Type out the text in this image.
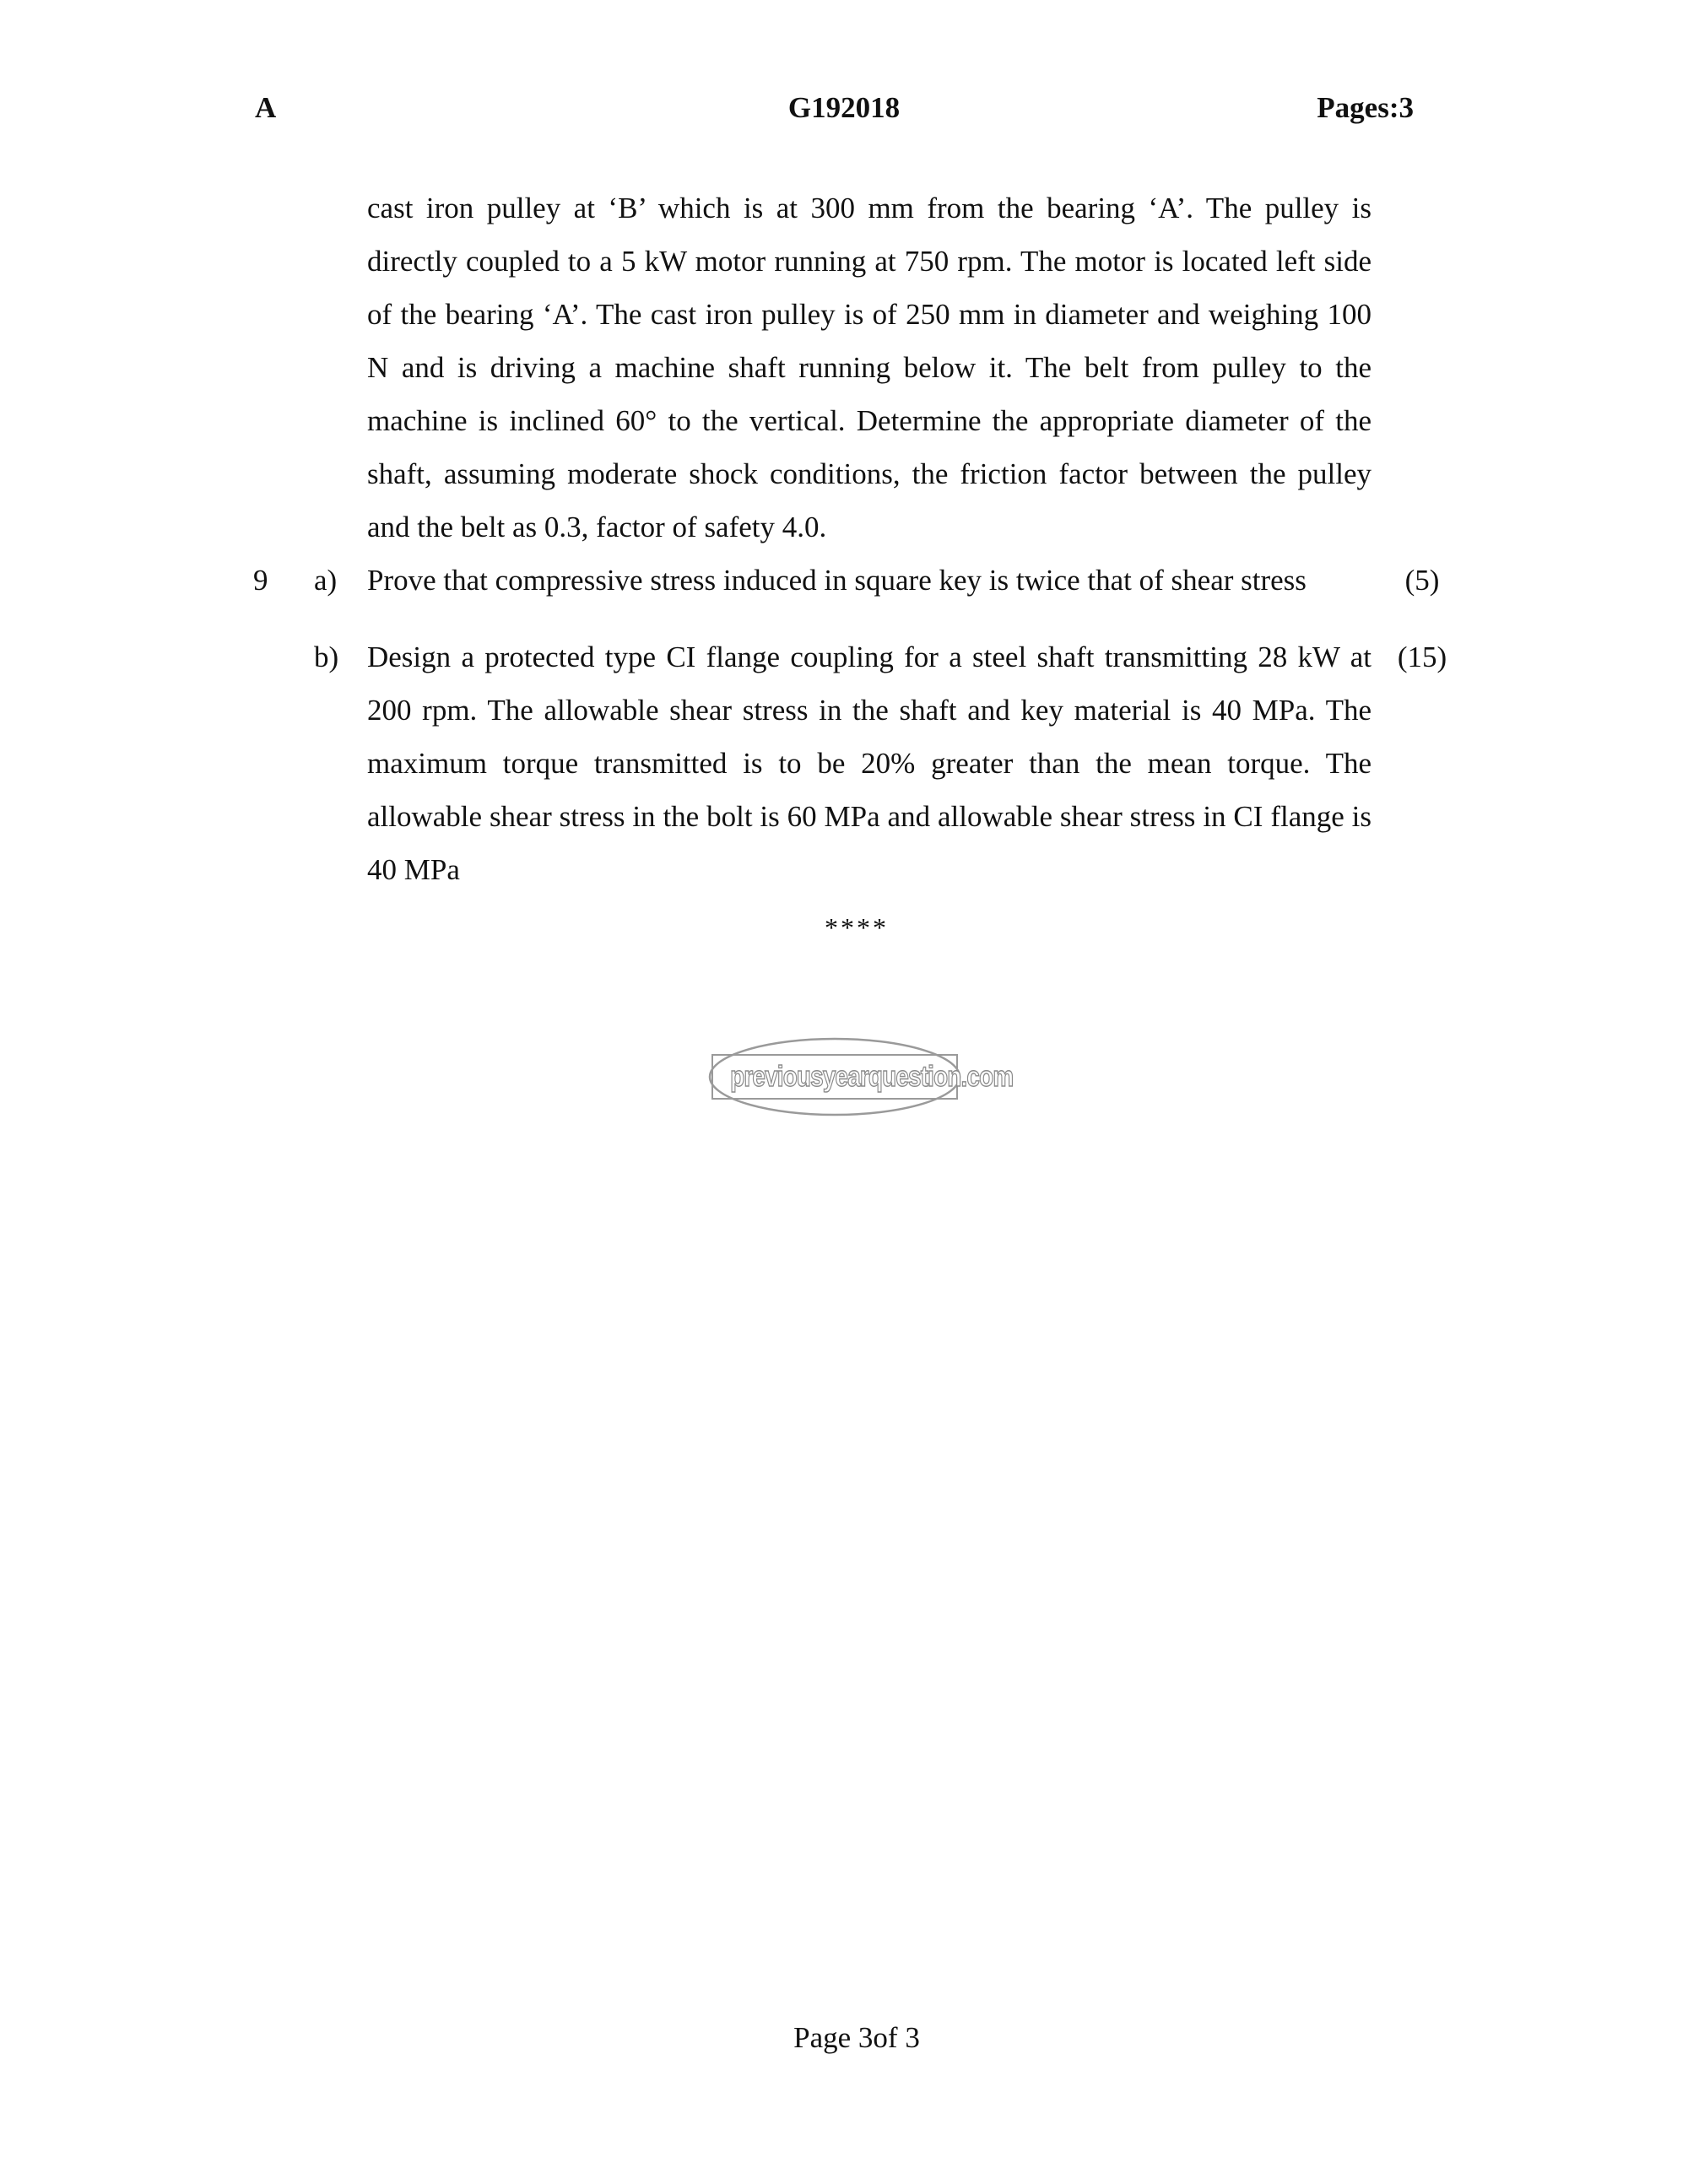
A	G192018	Pages:3
cast iron pulley at ‘B’ which is at 300 mm from the bearing ‘A’. The pulley is directly coupled to a 5 kW motor running at 750 rpm. The motor is located left side of the bearing ‘A’. The cast iron pulley is of 250 mm in diameter and weighing 100 N and is driving a machine shaft running below it. The belt from pulley to the machine is inclined 60° to the vertical. Determine the appropriate diameter of the shaft, assuming moderate shock conditions, the friction factor between the pulley and the belt as 0.3, factor of safety 4.0.
9 a) Prove that compressive stress induced in square key is twice that of shear stress	(5)
b) Design a protected type CI flange coupling for a steel shaft transmitting 28 kW at 200 rpm. The allowable shear stress in the shaft and key material is 40 MPa. The maximum torque transmitted is to be 20% greater than the mean torque. The allowable shear stress in the bolt is 60 MPa and allowable shear stress in CI flange is 40 MPa
(15)
****
previousyearquestion.com
Page 3of 3
